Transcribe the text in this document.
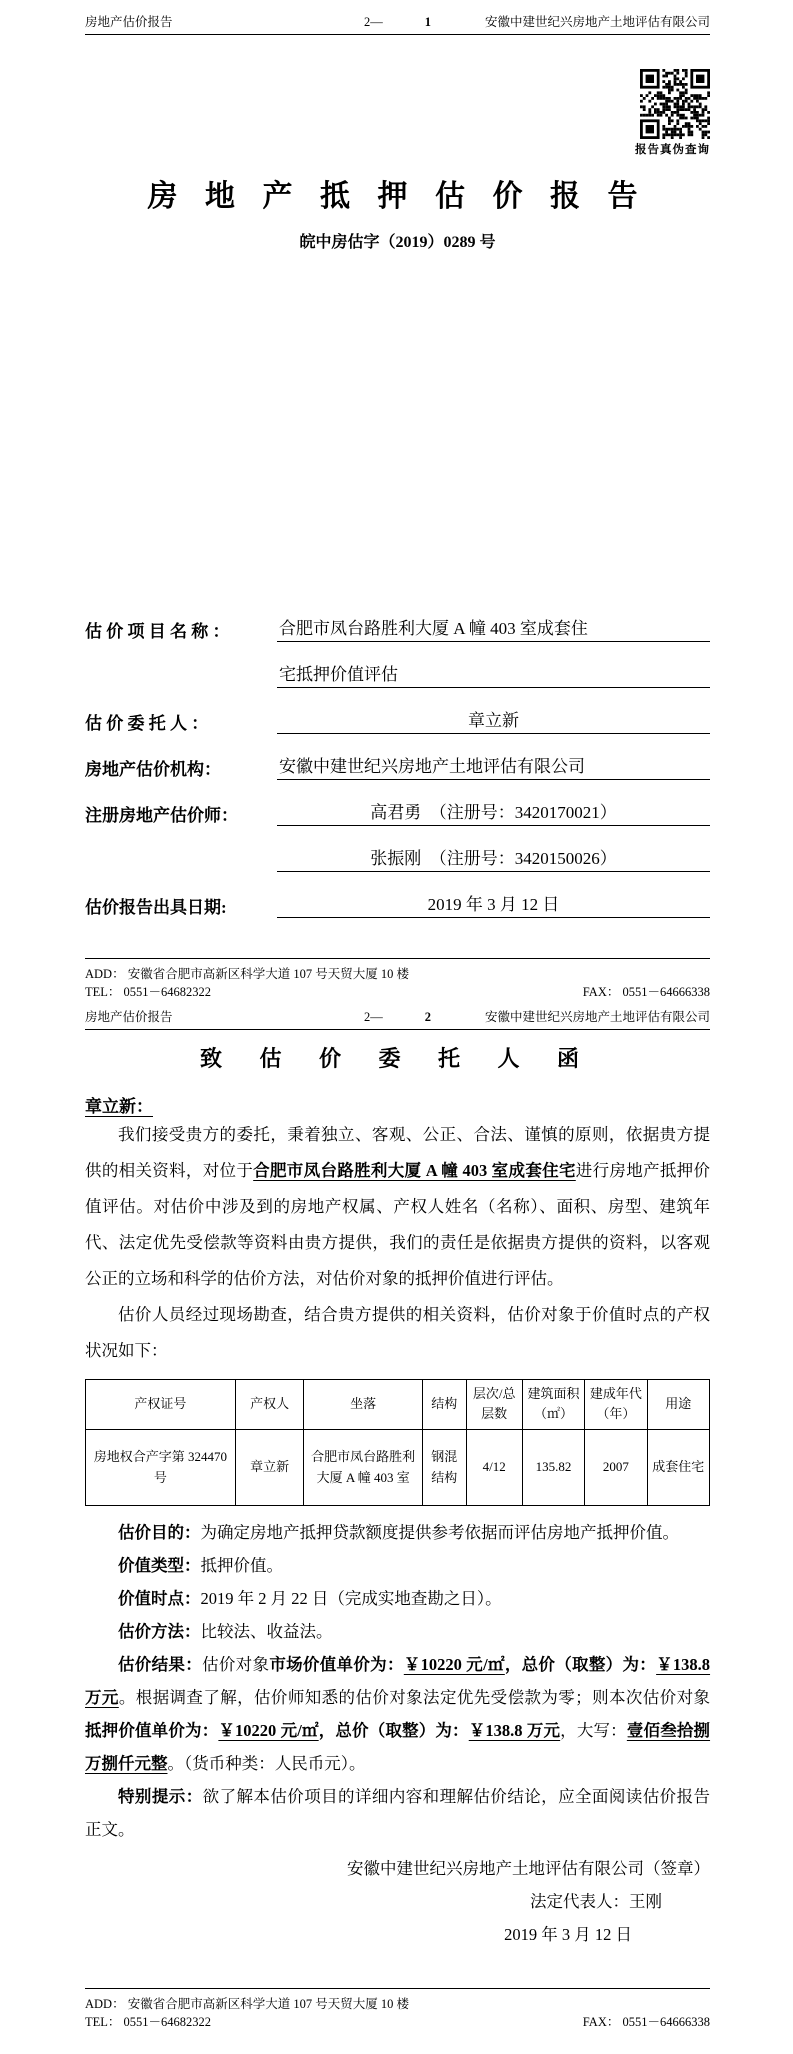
房地产估价报告	2—	1	安徽中建世纪兴房地产土地评估有限公司
报告真伪查询
房 地 产 抵 押 估 价 报 告
皖中房估字（2019）0289 号
估 价 项 目 名 称 ：	合肥市凤台路胜利大厦 A 幢 403 室成套住
宅抵押价值评估
估 价 委 托 人 ：	章立新
房地产估价机构：	安徽中建世纪兴房地产土地评估有限公司
注册房地产估价师：	高君勇　（注册号：3420170021）
张振刚　（注册号：3420150026）
估价报告出具日期:	2019 年 3 月 12 日
ADD： 安徽省合肥市高新区科学大道 107 号天贸大厦 10 楼
TEL： 0551－64682322	FAX： 0551－64666338
房地产估价报告	2—	2	安徽中建世纪兴房地产土地评估有限公司
致 估 价 委 托 人 函
章立新：

我们接受贵方的委托，秉着独立、客观、公正、合法、谨慎的原则，依据贵方提供的相关资料，对位于合肥市凤台路胜利大厦 A 幢 403 室成套住宅进行房地产抵押价值评估。对估价中涉及到的房地产权属、产权人姓名（名称）、面积、房型、建筑年代、法定优先受偿款等资料由贵方提供，我们的责任是依据贵方提供的资料，以客观公正的立场和科学的估价方法，对估价对象的抵押价值进行评估。

估价人员经过现场勘查，结合贵方提供的相关资料，估价对象于价值时点的产权状况如下：

产权证号	产权人	坐落	结构	层次/总层数	建筑面积（㎡）	建成年代（年）	用途
房地权合产字第 324470 号	章立新	合肥市凤台路胜利大厦 A 幢 403 室	钢混结构	4/12	135.82	2007	成套住宅

估价目的：为确定房地产抵押贷款额度提供参考依据而评估房地产抵押价值。

价值类型：抵押价值。

价值时点：2019 年 2 月 22 日（完成实地查勘之日）。

估价方法：比较法、收益法。

估价结果：估价对象市场价值单价为：￥10220 元/㎡，总价（取整）为：￥138.8 万元。根据调查了解，估价师知悉的估价对象法定优先受偿款为零；则本次估价对象抵押价值单价为：￥10220 元/㎡，总价（取整）为：￥138.8 万元，大写：壹佰叁拾捌万捌仟元整。（货币种类：人民币元）。

特别提示：欲了解本估价项目的详细内容和理解估价结论，应全面阅读估价报告正文。

安徽中建世纪兴房地产土地评估有限公司（签章）
法定代表人：王刚
2019 年 3 月 12 日
ADD： 安徽省合肥市高新区科学大道 107 号天贸大厦 10 楼
TEL： 0551－64682322	FAX： 0551－64666338
